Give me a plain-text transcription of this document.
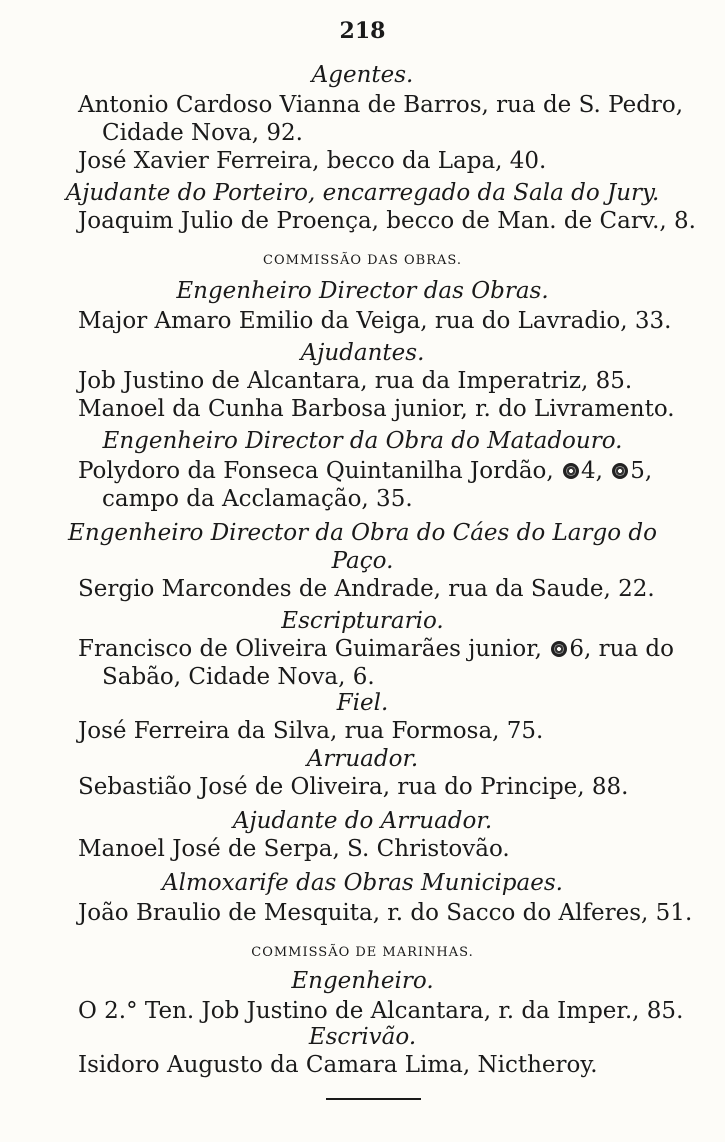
218
Agentes.
Antonio Cardoso Vianna de Barros, rua de S. Pedro,
Cidade Nova, 92.
José Xavier Ferreira, becco da Lapa, 40.
Ajudante do Porteiro, encarregado da Sala do Jury.
Joaquim Julio de Proença, becco de Man. de Carv., 8.
COMMISSÃO DAS OBRAS.
Engenheiro Director das Obras.
Major Amaro Emilio da Veiga, rua do Lavradio, 33.
Ajudantes.
Job Justino de Alcantara, rua da Imperatriz, 85.
Manoel da Cunha Barbosa junior, r. do Livramento.
Engenheiro Director da Obra do Matadouro.
Polydoro da Fonseca Quintanilha Jordão, 4, 5,
campo da Acclamação, 35.
Engenheiro Director da Obra do Cáes do Largo do
Paço.
Sergio Marcondes de Andrade, rua da Saude, 22.
Escripturario.
Francisco de Oliveira Guimarães junior, 6, rua do
Sabão, Cidade Nova, 6.
Fiel.
José Ferreira da Silva, rua Formosa, 75.
Arruador.
Sebastião José de Oliveira, rua do Principe, 88.
Ajudante do Arruador.
Manoel José de Serpa, S. Christovão.
Almoxarife das Obras Municipaes.
João Braulio de Mesquita, r. do Sacco do Alferes, 51.
COMMISSÃO DE MARINHAS.
Engenheiro.
O 2.° Ten. Job Justino de Alcantara, r. da Imper., 85.
Escrivão.
Isidoro Augusto da Camara Lima, Nictheroy.
